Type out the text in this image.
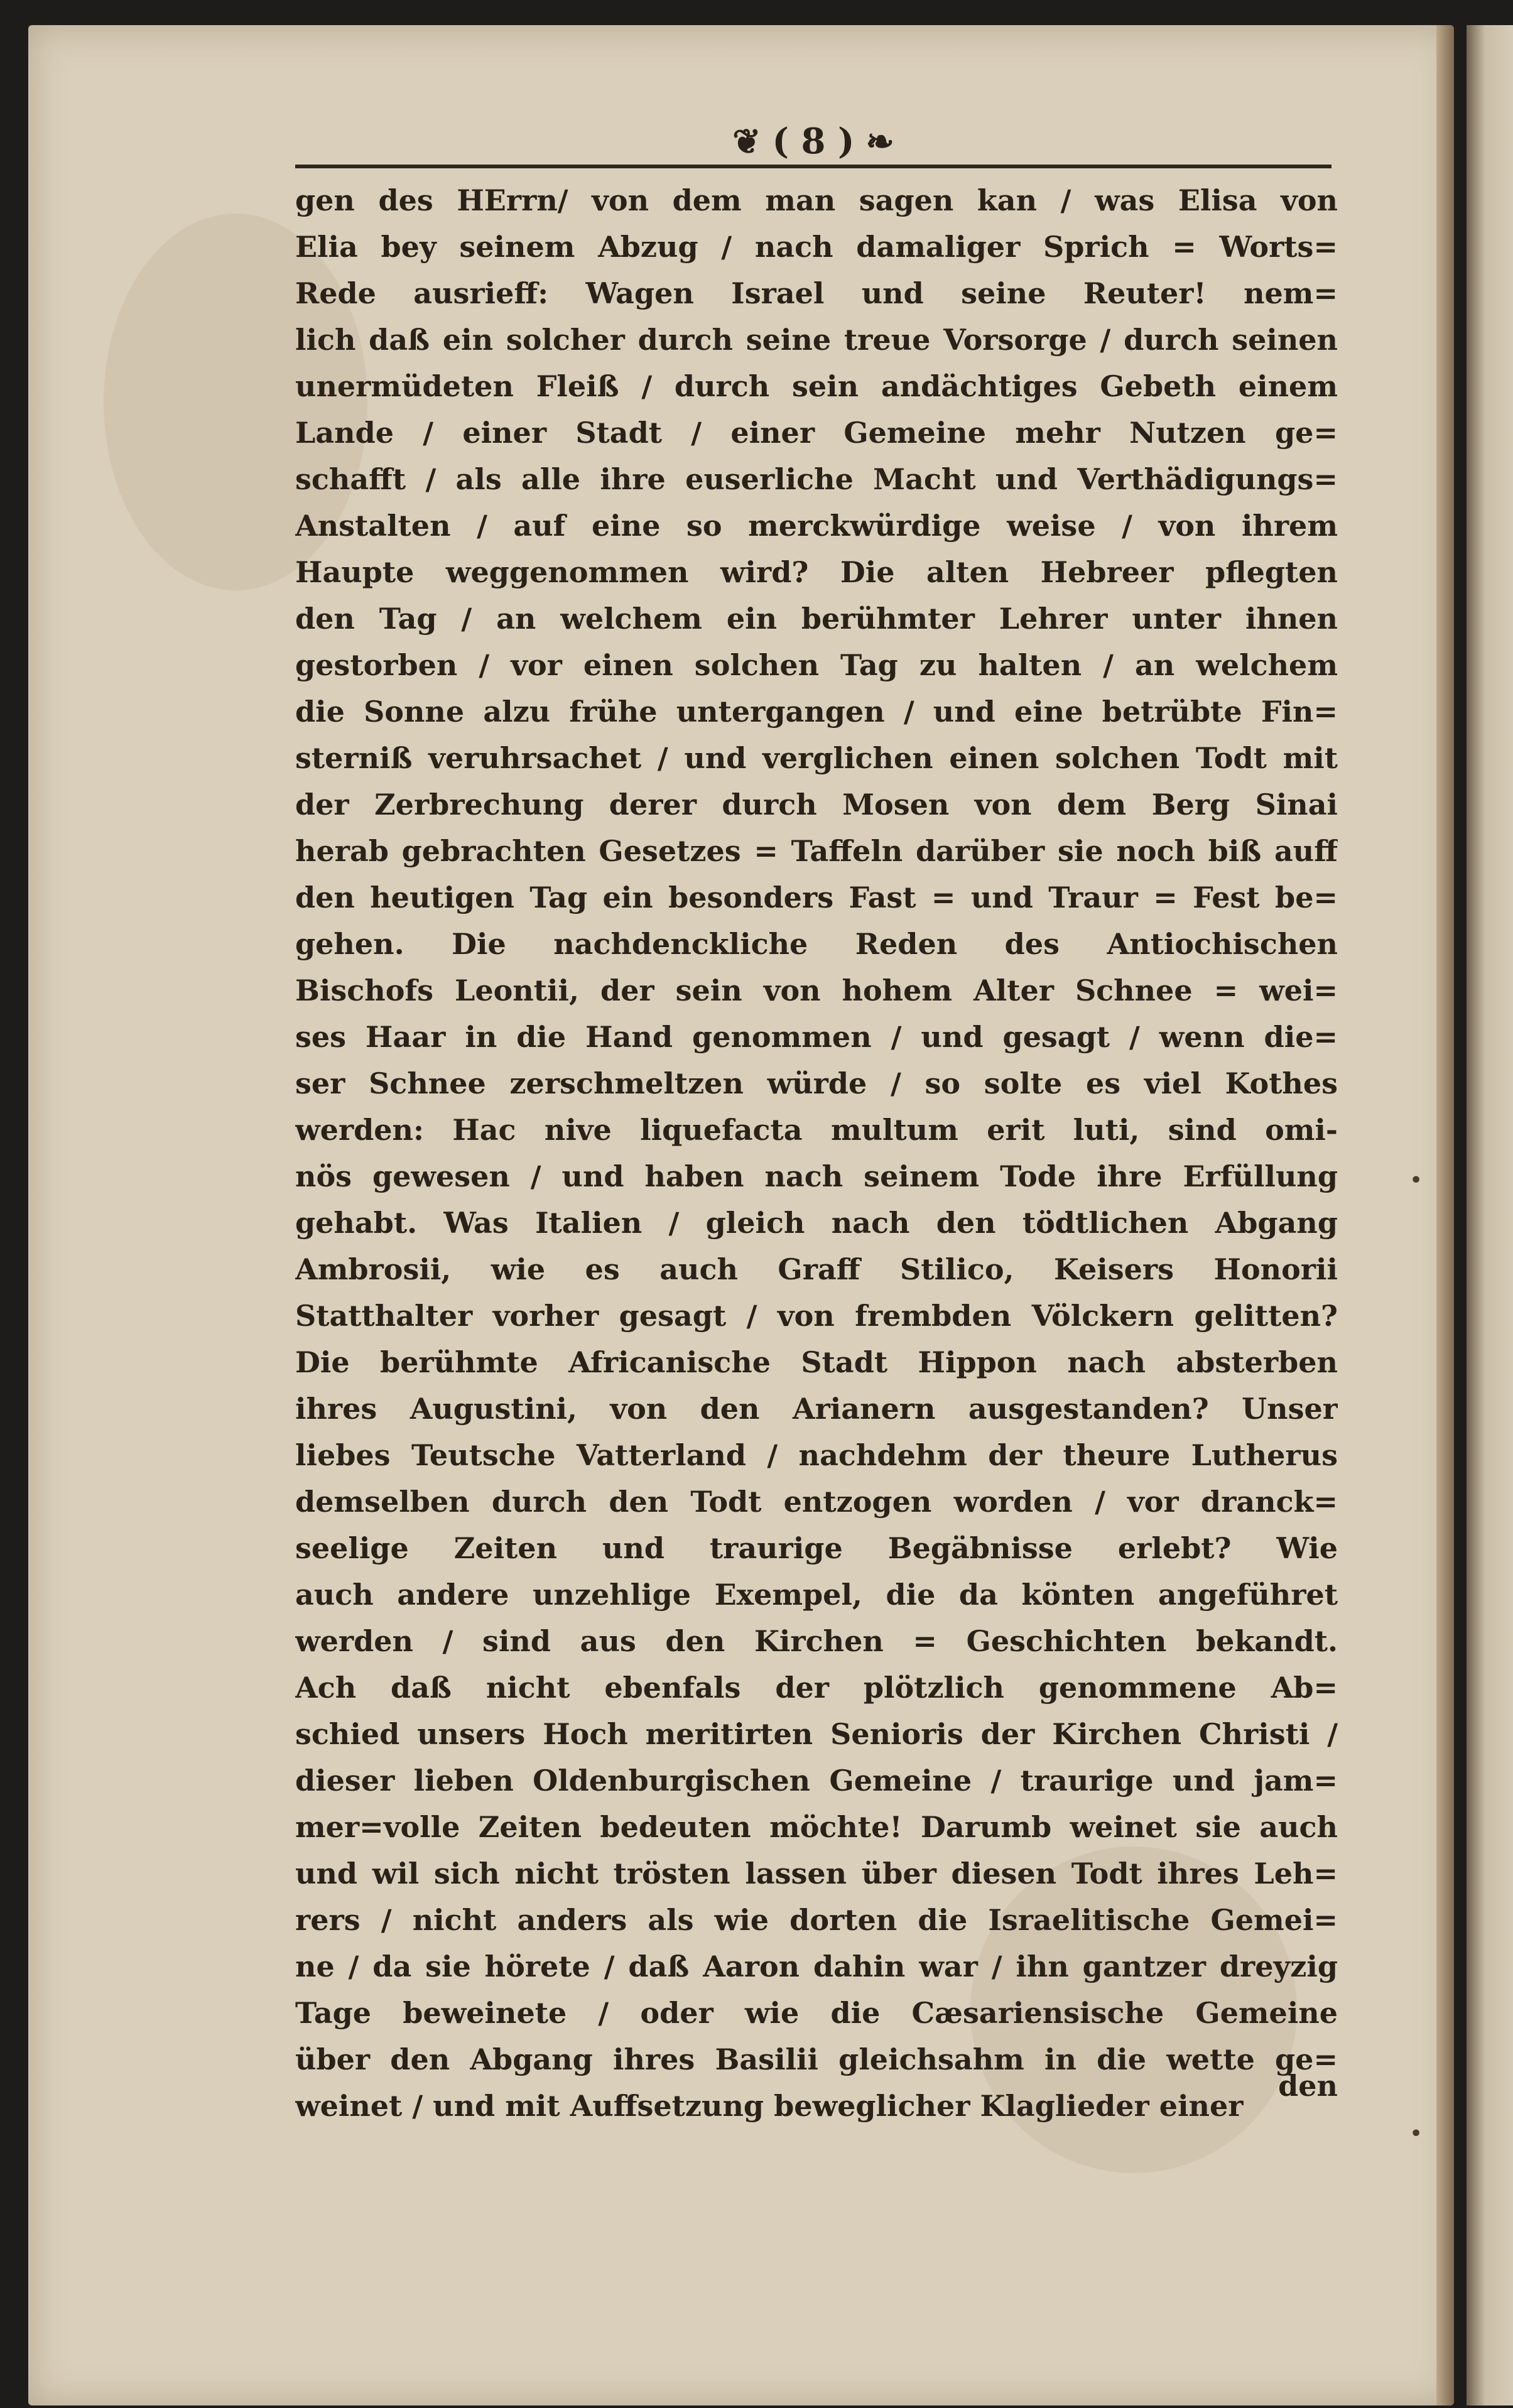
❦ ( 8 ) ❧
gen des HErrn/ von dem man sagen kan / was Elisa von
Elia bey seinem Abzug / nach damaliger Sprich = Worts=
Rede ausrieff: Wagen Israel und seine Reuter! nem=
lich daß ein solcher durch seine treue Vorsorge / durch seinen
unermüdeten Fleiß / durch sein andächtiges Gebeth einem
Lande / einer Stadt / einer Gemeine mehr Nutzen ge=
schafft / als alle ihre euserliche Macht und Verthädigungs=
Anstalten / auf eine so merckwürdige weise / von ihrem
Haupte weggenommen wird? Die alten Hebreer pflegten
den Tag / an welchem ein berühmter Lehrer unter ihnen
gestorben / vor einen solchen Tag zu halten / an welchem
die Sonne alzu frühe untergangen / und eine betrübte Fin=
sterniß veruhrsachet / und verglichen einen solchen Todt mit
der Zerbrechung derer durch Mosen von dem Berg Sinai
herab gebrachten Gesetzes = Taffeln darüber sie noch biß auff
den heutigen Tag ein besonders Fast = und Traur = Fest be=
gehen. Die nachdenckliche Reden des Antiochischen
Bischofs Leontii, der sein von hohem Alter Schnee = wei=
ses Haar in die Hand genommen / und gesagt / wenn die=
ser Schnee zerschmeltzen würde / so solte es viel Kothes
werden: Hac nive liquefacta multum erit luti, sind omi-
nös gewesen / und haben nach seinem Tode ihre Erfüllung
gehabt. Was Italien / gleich nach den tödtlichen Abgang
Ambrosii, wie es auch Graff Stilico, Keisers Honorii
Statthalter vorher gesagt / von frembden Völckern gelitten?
Die berühmte Africanische Stadt Hippon nach absterben
ihres Augustini, von den Arianern ausgestanden? Unser
liebes Teutsche Vatterland / nachdehm der theure Lutherus
demselben durch den Todt entzogen worden / vor dranck=
seelige Zeiten und traurige Begäbnisse erlebt? Wie
auch andere unzehlige Exempel, die da könten angeführet
werden / sind aus den Kirchen = Geschichten bekandt.
Ach daß nicht ebenfals der plötzlich genommene Ab=
schied unsers Hoch meritirten Senioris der Kirchen Christi /
dieser lieben Oldenburgischen Gemeine / traurige und jam=
mer=volle Zeiten bedeuten möchte! Darumb weinet sie auch
und wil sich nicht trösten lassen über diesen Todt ihres Leh=
rers / nicht anders als wie dorten die Israelitische Gemei=
ne / da sie hörete / daß Aaron dahin war / ihn gantzer dreyzig
Tage beweinete / oder wie die Cæsariensische Gemeine
über den Abgang ihres Basilii gleichsahm in die wette ge=
weinet / und mit Auffsetzung beweglicher Klaglieder einer
den
•
•
